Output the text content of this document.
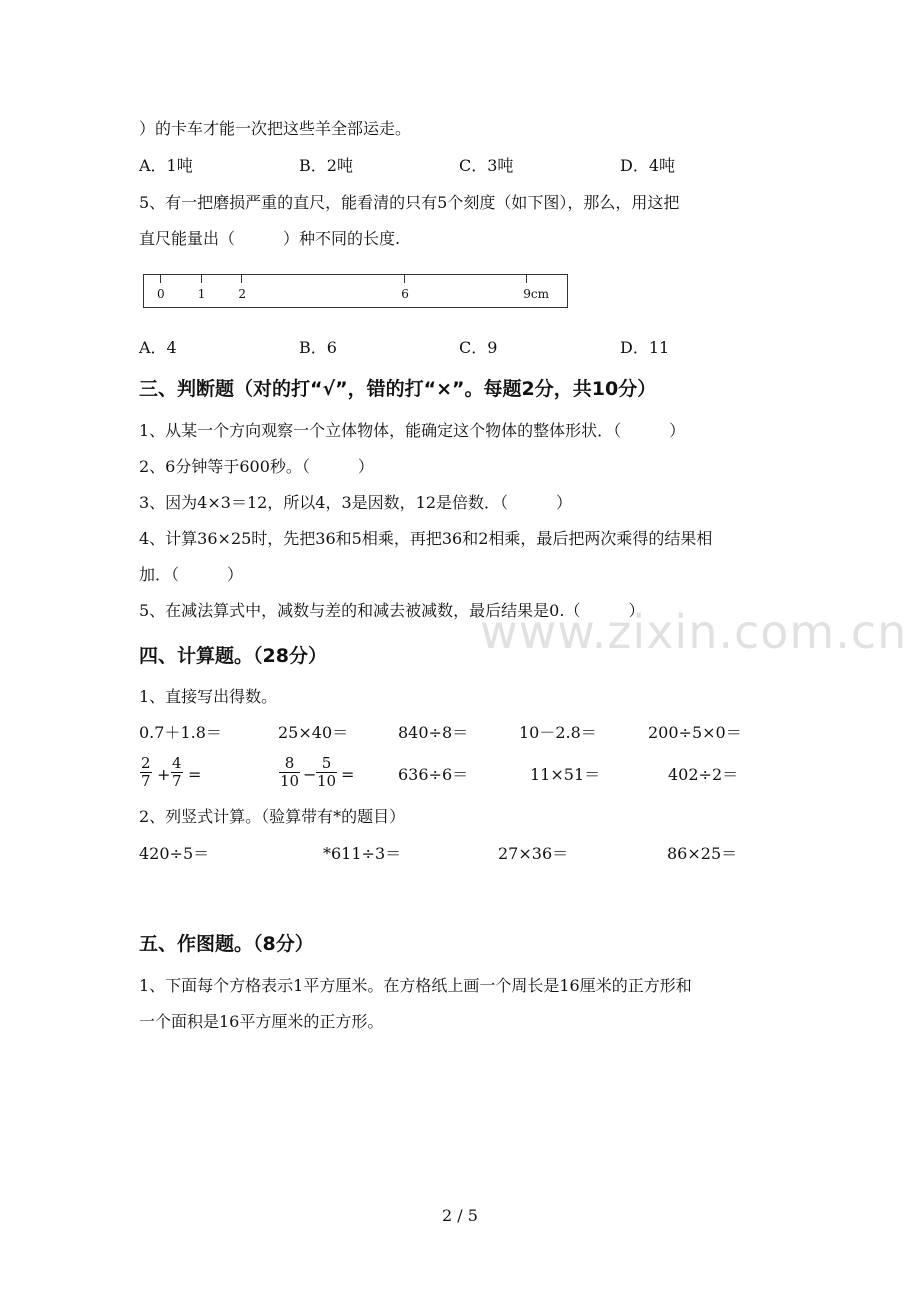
）的卡车才能一次把这些羊全部运走。
A．1吨	B．2吨	C．3吨	D．4吨
5、有一把磨损严重的直尺，能看清的只有5个刻度（如下图），那么，用这把
直尺能量出（　　　）种不同的长度.
0	1	2	6	9cm
A．4	B．6	C．9	D．11
三、判断题（对的打“√”，错的打“×”。每题2分，共10分）
1、从某一个方向观察一个立体物体，能确定这个物体的整体形状．（　　　）
2、6分钟等于600秒。（　　　）
3、因为4×3＝12，所以4，3是因数，12是倍数．（　　　）
4、计算36×25时，先把36和5相乘，再把36和2相乘，最后把两次乘得的结果相
加．（　　　）
5、在减法算式中，减数与差的和减去被减数，最后结果是0.（　　　）
www.zixin.com.cn
四、计算题。（28分）
1、直接写出得数。
0.7＋1.8＝	25×40＝	840÷8＝	10－2.8＝	200÷5×0＝
$\frac{2}{7} + \frac{4}{7}$ =	$\frac{8}{10} - \frac{5}{10}$ =	636÷6＝	11×51＝	402÷2＝
2、列竖式计算。（验算带有*的题目）
420÷5＝	*611÷3＝	27×36＝	86×25＝
五、作图题。（8分）
1、下面每个方格表示1平方厘米。在方格纸上画一个周长是16厘米的正方形和
一个面积是16平方厘米的正方形。
2 / 5
